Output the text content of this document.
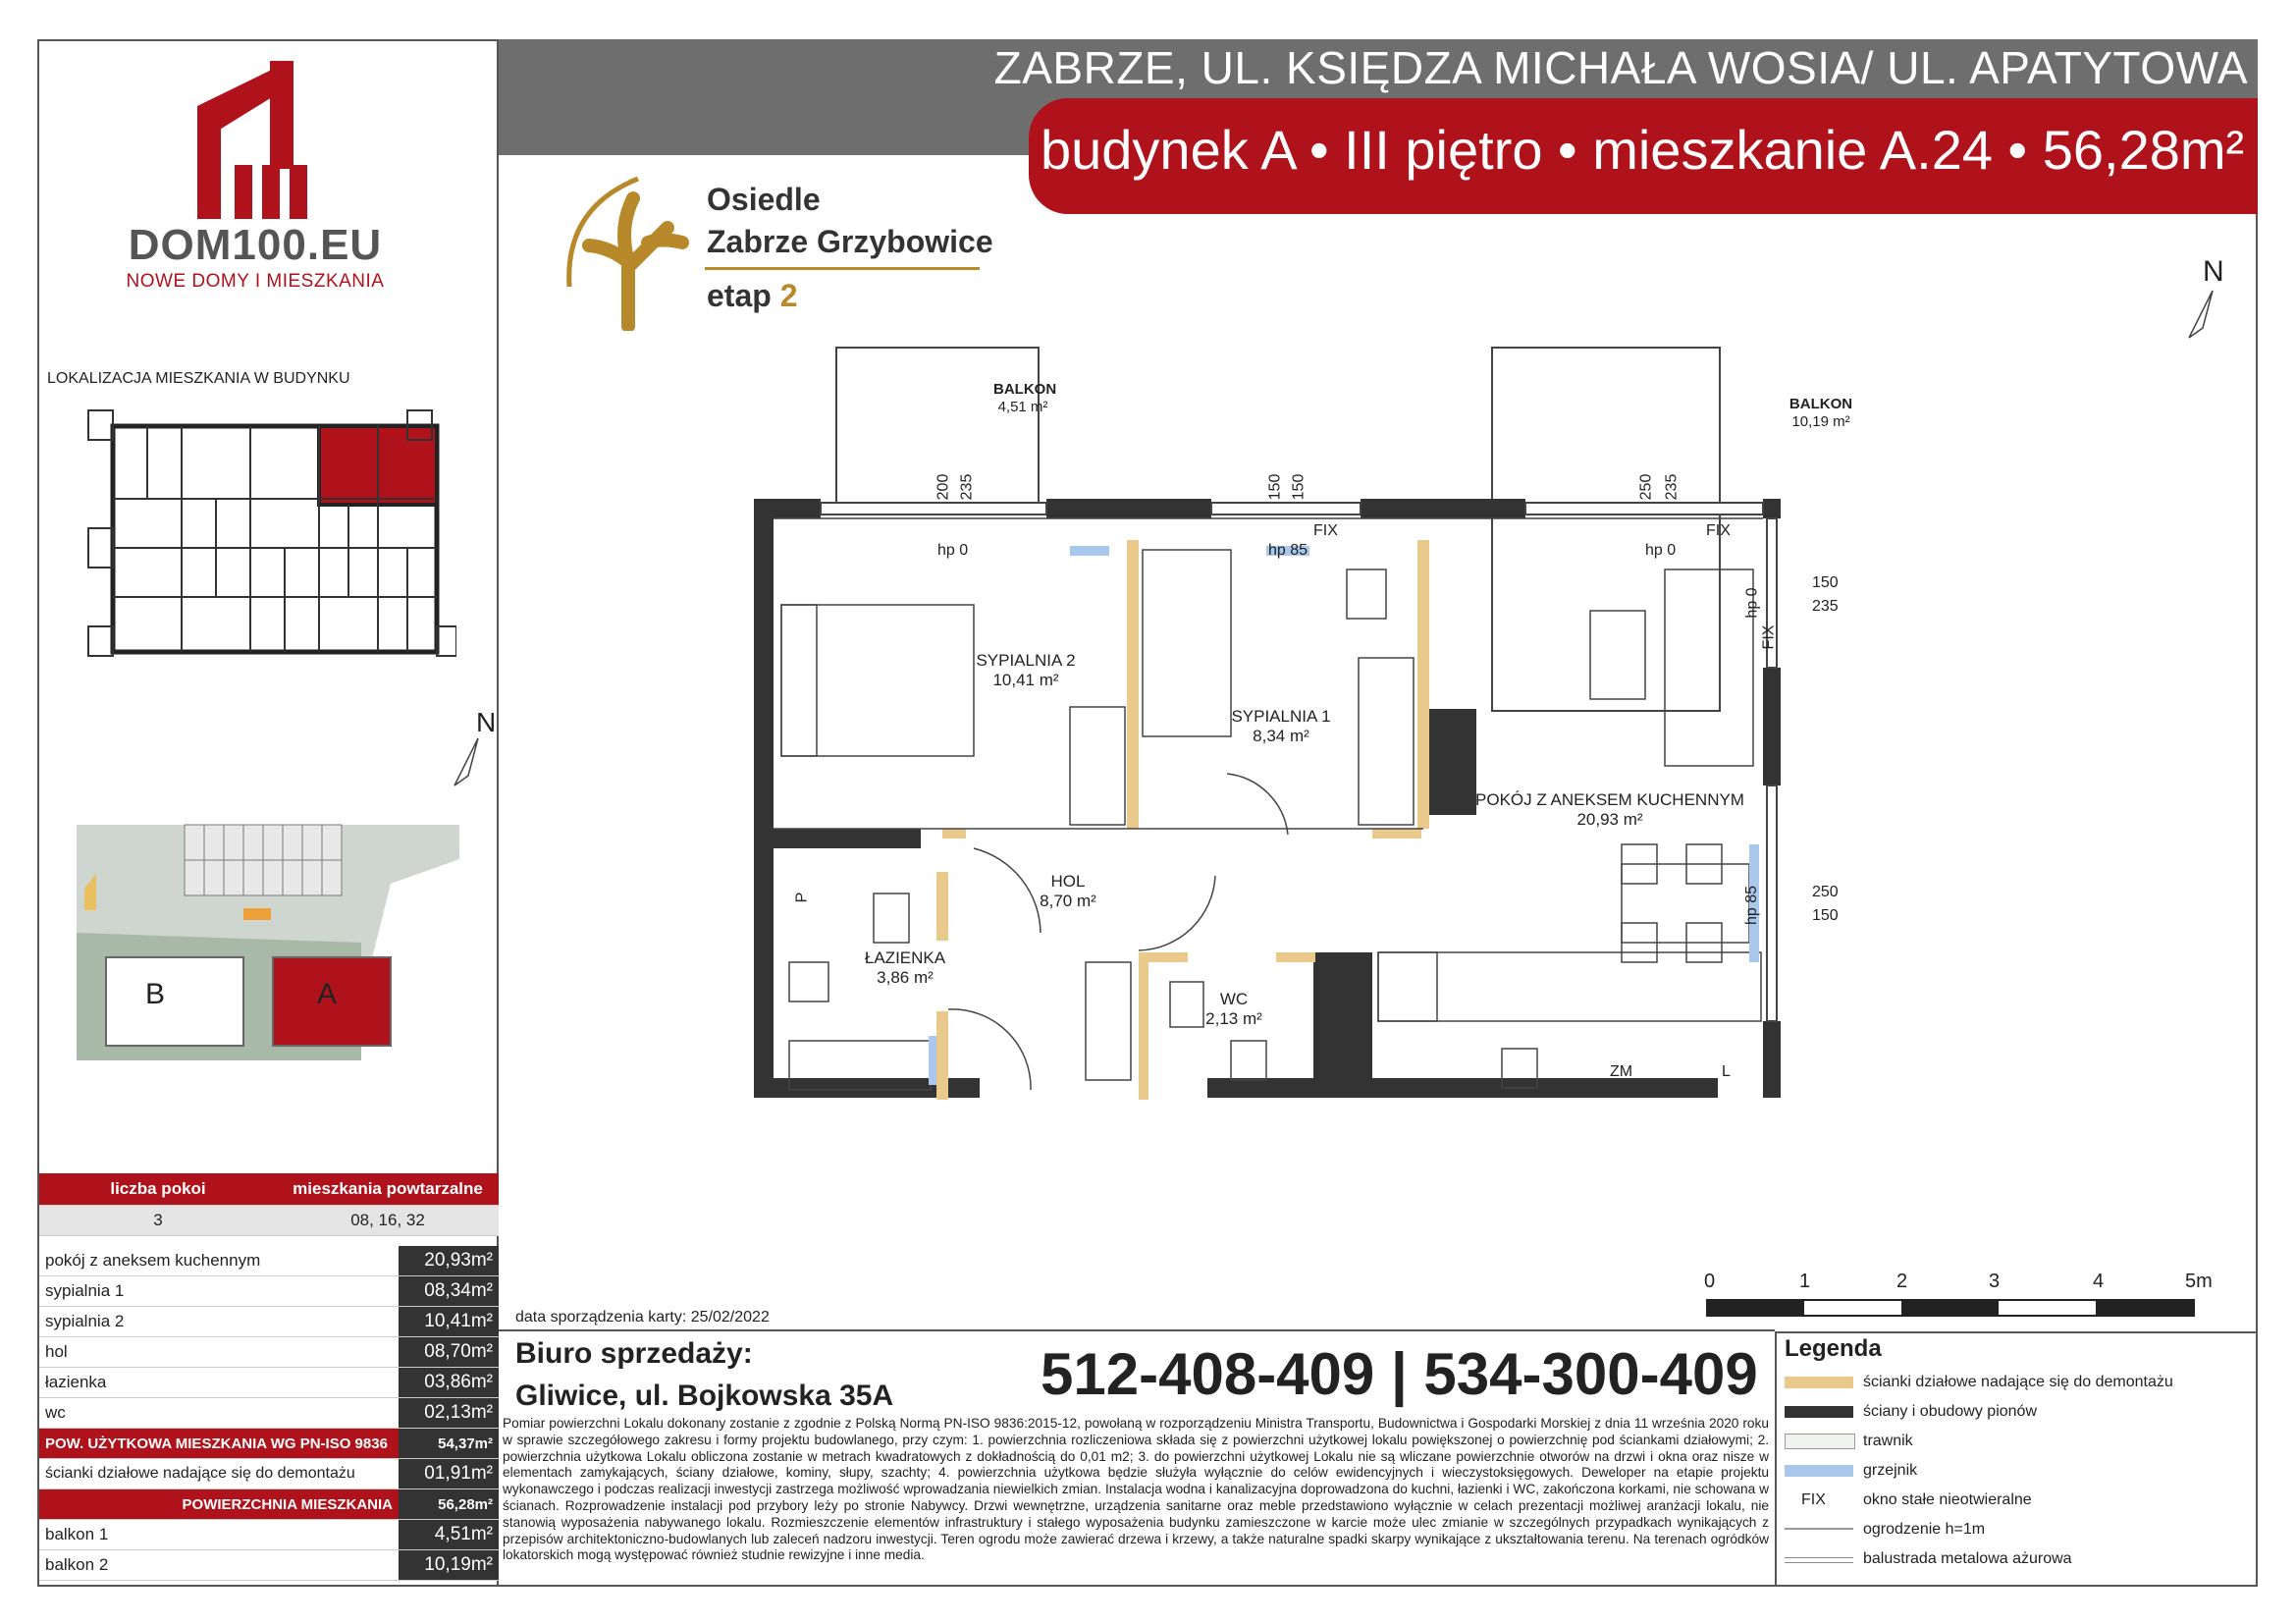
ZABRZE, UL. KSIĘDZA MICHAŁA WOSIA/ UL. APATYTOWA
budynek A • III piętro • mieszkanie A.24 • 56,28m²
DOM100.EU
NOWE DOMY I MIESZKANIA
Osiedle
Zabrze Grzybowice
etap 2
LOKALIZACJA MIESZKANIA W BUDYNKU
N
B	A
liczba pokoi	mieszkania powtarzalne	
3	08, 16, 32	

pokój z aneksem kuchennym		20,93m²
sypialnia 1		08,34m²
sypialnia 2		10,41m²
hol		08,70m²
łazienka		03,86m²
wc		02,13m²
POW. UŻYTKOWA MIESZKANIA WG PN-ISO 9836		54,37m²
ścianki działowe nadające się do demontażu		01,91m²
POWIERZCHNIA MIESZKANIA		56,28m²
balkon 1		4,51m²
balkon 2		10,19m²
BALKON
4,51 m²	BALKON
10,19 m²
SYPIALNIA 2
10,41 m²
SYPIALNIA 1
8,34 m²
POKÓJ Z ANEKSEM KUCHENNYM
20,93 m²
HOL
8,70 m²
ŁAZIENKA
3,86 m²
WC
2,13 m²
hp 0	hp 85
FIX
hp 0
FIX
hp 0
FIX
hp 85
ZM	L
P
200 235	150 150	250 235
150
235
250
150
N
0	1	2	3	4	5m
data sporządzenia karty: 25/02/2022
Biuro sprzedaży:
Gliwice, ul. Bojkowska 35A 512-408-409 | 534-300-409
Pomiar powierzchni Lokalu dokonany zostanie z zgodnie z Polską Normą PN-ISO 9836:2015-12, powołaną w rozporządzeniu Ministra Transportu, Budownictwa i Gospodarki Morskiej z dnia 11 września 2020 roku w sprawie szczegółowego zakresu i formy projektu budowlanego, przy czym: 1. powierzchnia rozliczeniowa składa się z powierzchni użytkowej lokalu powiększonej o powierzchnię pod ściankami działowymi; 2. powierzchnia użytkowa Lokalu obliczona zostanie w metrach kwadratowych z dokładnością do 0,01 m2; 3. do powierzchni użytkowej Lokalu nie są wliczane powierzchnie otworów na drzwi i okna oraz nisze w elementach zamykających, ściany działowe, kominy, słupy, szachty; 4. powierzchnia użytkowa będzie służyła wyłącznie do celów ewidencyjnych i wieczystoksięgowych. Deweloper na etapie projektu wykonawczego i podczas realizacji inwestycji zastrzega możliwość wprowadzania niewielkich zmian. Instalacja wodna i kanalizacyjna doprowadzona do kuchni, łazienki i WC, zakończona korkami, nie schowana w ścianach. Rozprowadzenie instalacji pod przybory leży po stronie Nabywcy. Drzwi wewnętrzne, urządzenia sanitarne oraz meble przedstawiono wyłącznie w celach prezentacji możliwej aranżacji lokalu, nie stanowią wyposażenia nabywanego lokalu. Rozmieszczenie elementów infrastruktury i stałego wyposażenia budynku zamieszczone w karcie może ulec zmianie w szczególnych przypadkach wynikających z przepisów architektoniczno-budowlanych lub zaleceń nadzoru inwestycji. Teren ogrodu może zawierać drzewa i krzewy, a także naturalne spadki skarpy wynikające z ukształtowania terenu. Na terenach ogródków lokatorskich mogą występować również studnie rewizyjne i inne media.
Legenda
ścianki działowe nadające się do demontażu
ściany i obudowy pionów
trawnik
grzejnik
FIX okno stałe nieotwieralne
ogrodzenie h=1m
balustrada metalowa ażurowa
